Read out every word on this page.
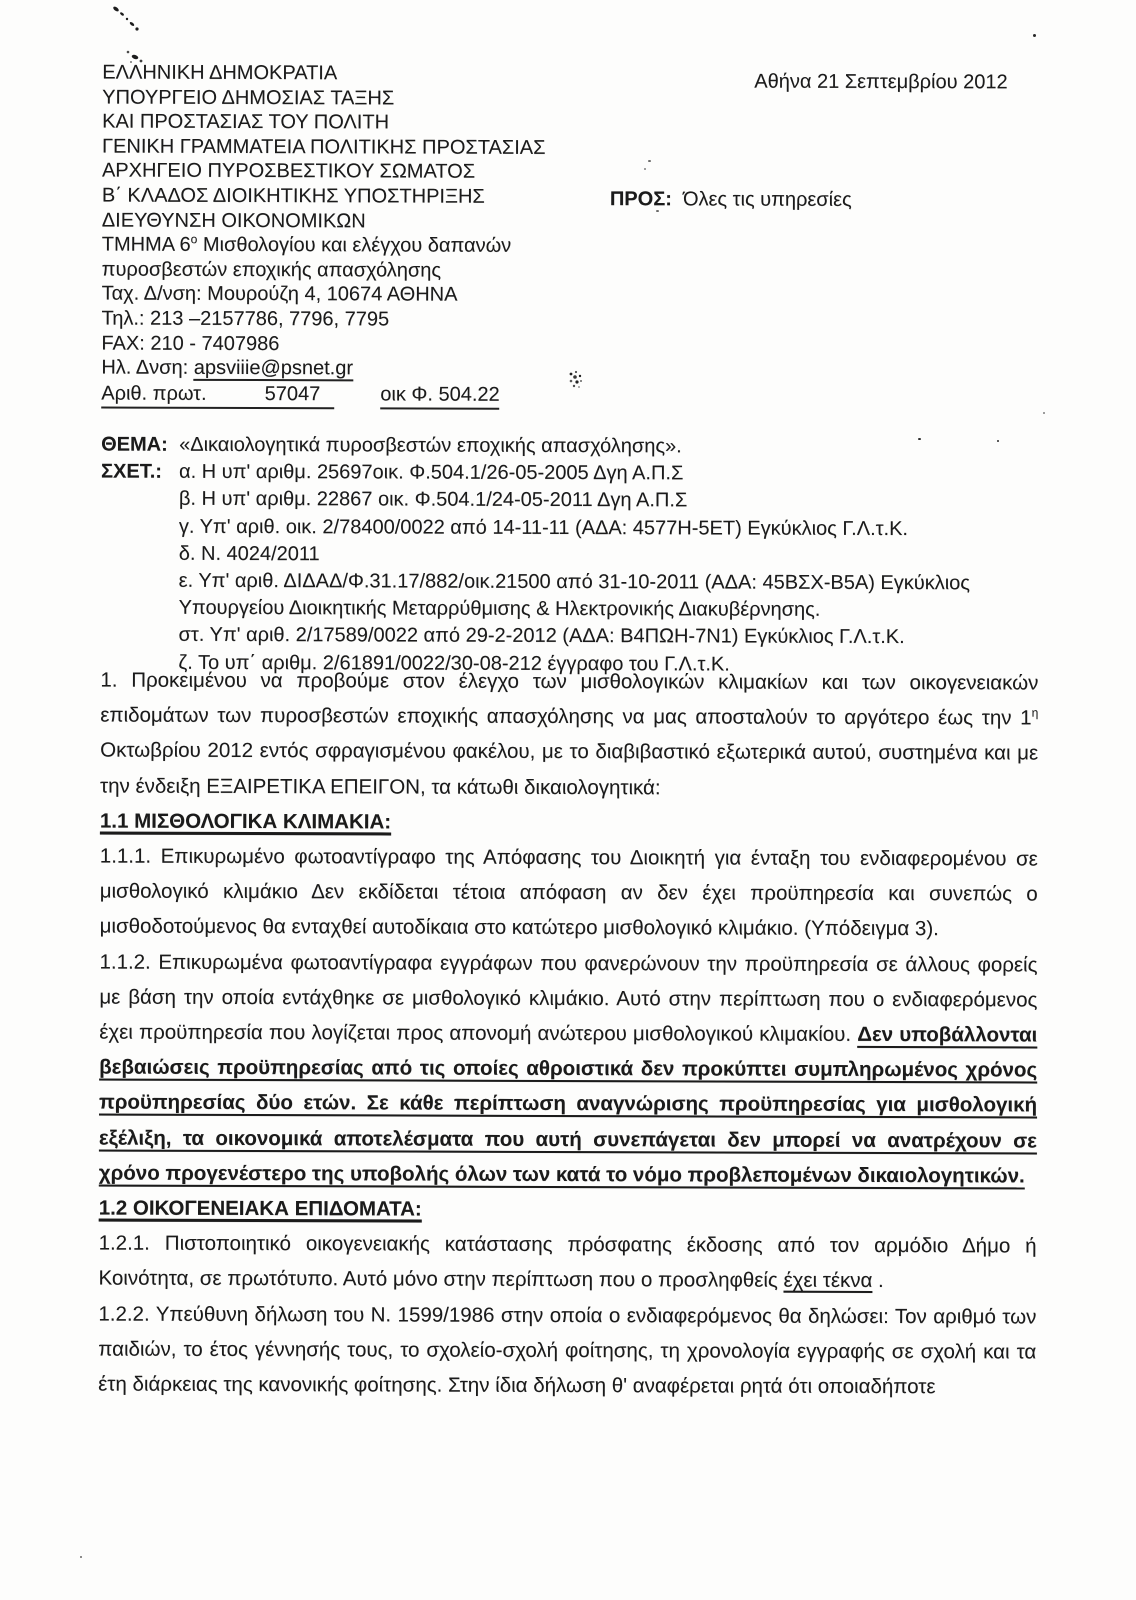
ΕΛΛΗΝΙΚΗ ΔΗΜΟΚΡΑΤΙΑ
ΥΠΟΥΡΓΕΙΟ ΔΗΜΟΣΙΑΣ ΤΑΞΗΣ
ΚΑΙ ΠΡΟΣΤΑΣΙΑΣ ΤΟΥ ΠΟΛΙΤΗ
ΓΕΝΙΚΗ ΓΡΑΜΜΑΤΕΙΑ ΠΟΛΙΤΙΚΗΣ ΠΡΟΣΤΑΣΙΑΣ
ΑΡΧΗΓΕΙΟ ΠΥΡΟΣΒΕΣΤΙΚΟΥ ΣΩΜΑΤΟΣ
Β΄ ΚΛΑΔΟΣ ΔΙΟΙΚΗΤΙΚΗΣ ΥΠΟΣΤΗΡΙΞΗΣ
ΔΙΕΥΘΥΝΣΗ ΟΙΚΟΝΟΜΙΚΩΝ
ΤΜΗΜΑ $6^o$ Μισθολογίου και ελέγχου δαπανών
πυροσβεστών εποχικής απασχόλησης
Ταχ. Δ/νση: Μουρούζη 4, 10674 ΑΘΗΝΑ
Τηλ.: 213 –2157786, 7796, 7795
FAX: 210 - 7407986
Ηλ. Δνση: apsviiie@psnet.gr
Αριθ. πρωτ.	57047	οικ Φ. 504.22
Αθήνα 21 Σεπτεμβρίου 2012
ΠΡΟΣ: Όλες τις υπηρεσίες
ΘΕΜΑ: «Δικαιολογητικά πυροσβεστών εποχικής απασχόλησης».
ΣΧΕΤ.: α. Η υπ' αριθμ. 25697οικ. Φ.504.1/26-05-2005 Δγη Α.Π.Σ
β. Η υπ' αριθμ. 22867 οικ. Φ.504.1/24-05-2011 Δγη Α.Π.Σ
γ. Υπ' αριθ. οικ. 2/78400/0022 από 14-11-11 (ΑΔΑ: 4577Η-5ΕΤ) Εγκύκλιος Γ.Λ.τ.Κ.
δ. Ν. 4024/2011
ε. Υπ' αριθ. ΔΙΔΑΔ/Φ.31.17/882/οικ.21500 από 31-10-2011 (ΑΔΑ: 45ΒΣΧ-Β5Α) Εγκύκλιος Υπουργείου Διοικητικής Μεταρρύθμισης & Ηλεκτρονικής Διακυβέρνησης.
στ. Υπ' αριθ. 2/17589/0022 από 29-2-2012 (ΑΔΑ: Β4ΠΩΗ-7Ν1) Εγκύκλιος Γ.Λ.τ.Κ.
ζ. Το υπ΄ αριθμ. 2/61891/0022/30-08-212 έγγραφο του Γ.Λ.τ.Κ.

1. Προκειμένου να προβούμε στον έλεγχο των μισθολογικών κλιμακίων και των οικογενειακών επιδομάτων των πυροσβεστών εποχικής απασχόλησης να μας αποσταλούν το αργότερο έως την $1^\eta$ Οκτωβρίου 2012 εντός σφραγισμένου φακέλου, με το διαβιβαστικό εξωτερικά αυτού, συστημένα και με την ένδειξη ΕΞΑΙΡΕΤΙΚΑ ΕΠΕΙΓΟΝ, τα κάτωθι δικαιολογητικά:

1.1 ΜΙΣΘΟΛΟΓΙΚΑ ΚΛΙΜΑΚΙΑ:

1.1.1. Επικυρωμένο φωτοαντίγραφο της Απόφασης του Διοικητή για ένταξη του ενδιαφερομένου σε μισθολογικό κλιμάκιο Δεν εκδίδεται τέτοια απόφαση αν δεν έχει προϋπηρεσία και συνεπώς ο μισθοδοτούμενος θα ενταχθεί αυτοδίκαια στο κατώτερο μισθολογικό κλιμάκιο. (Υπόδειγμα 3).

1.1.2. Επικυρωμένα φωτοαντίγραφα εγγράφων που φανερώνουν την προϋπηρεσία σε άλλους φορείς με βάση την οποία εντάχθηκε σε μισθολογικό κλιμάκιο. Αυτό στην περίπτωση που ο ενδιαφερόμενος έχει προϋπηρεσία που λογίζεται προς απονομή ανώτερου μισθολογικού κλιμακίου. Δεν υποβάλλονται βεβαιώσεις προϋπηρεσίας από τις οποίες αθροιστικά δεν προκύπτει συμπληρωμένος χρόνος προϋπηρεσίας δύο ετών. Σε κάθε περίπτωση αναγνώρισης προϋπηρεσίας για μισθολογική εξέλιξη, τα οικονομικά αποτελέσματα που αυτή συνεπάγεται δεν μπορεί να ανατρέχουν σε χρόνο προγενέστερο της υποβολής όλων των κατά το νόμο προβλεπομένων δικαιολογητικών.

1.2 ΟΙΚΟΓΕΝΕΙΑΚΑ ΕΠΙΔΟΜΑΤΑ:

1.2.1. Πιστοποιητικό οικογενειακής κατάστασης πρόσφατης έκδοσης από τον αρμόδιο Δήμο ή Κοινότητα, σε πρωτότυπο. Αυτό μόνο στην περίπτωση που ο προσληφθείς έχει τέκνα .

1.2.2. Υπεύθυνη δήλωση του Ν. 1599/1986 στην οποία ο ενδιαφερόμενος θα δηλώσει: Τον αριθμό των παιδιών, το έτος γέννησής τους, το σχολείο-σχολή φοίτησης, τη χρονολογία εγγραφής σε σχολή και τα έτη διάρκειας της κανονικής φοίτησης. Στην ίδια δήλωση θ' αναφέρεται ρητά ότι οποιαδήποτε
